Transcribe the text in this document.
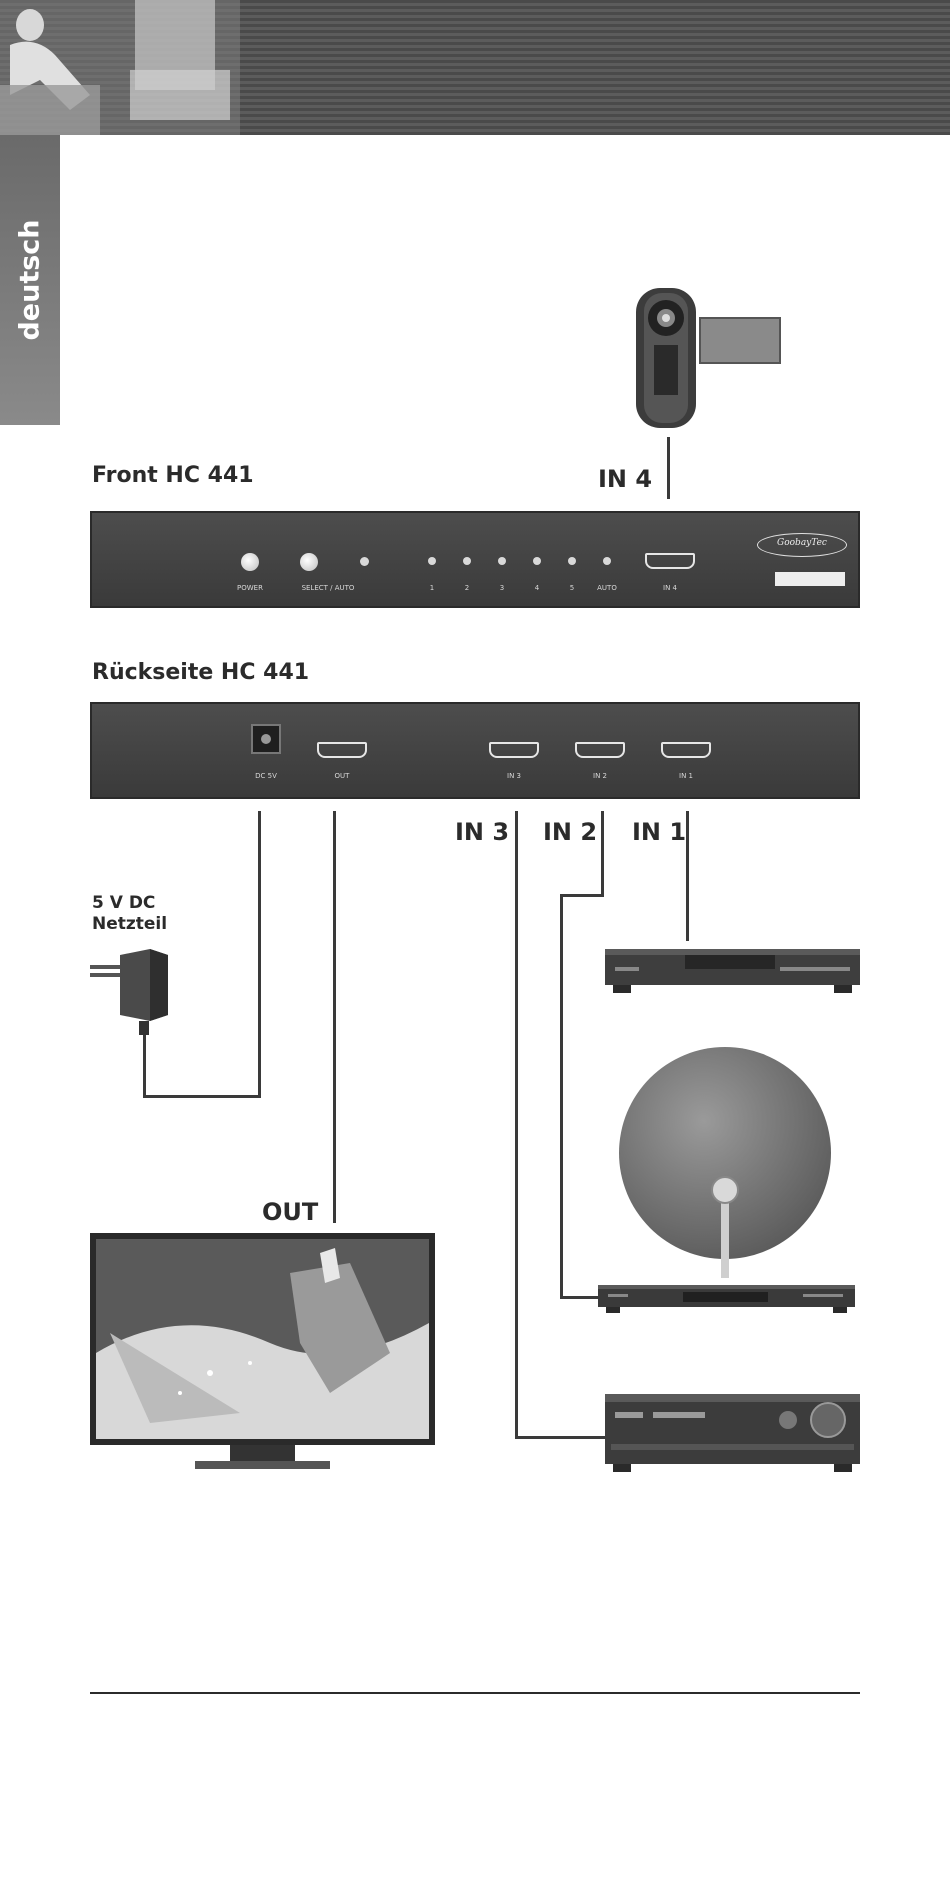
deutsch
Front HC 441	IN 4
POWER	SELECT / AUTO	1	2	3	4	5	AUTO	IN 4
GoobayTec
Rückseite HC 441
DC 5V	OUT	IN 3	IN 2	IN 1
IN 3 IN 2 IN 1
5 V DC
Netzteil
OUT
